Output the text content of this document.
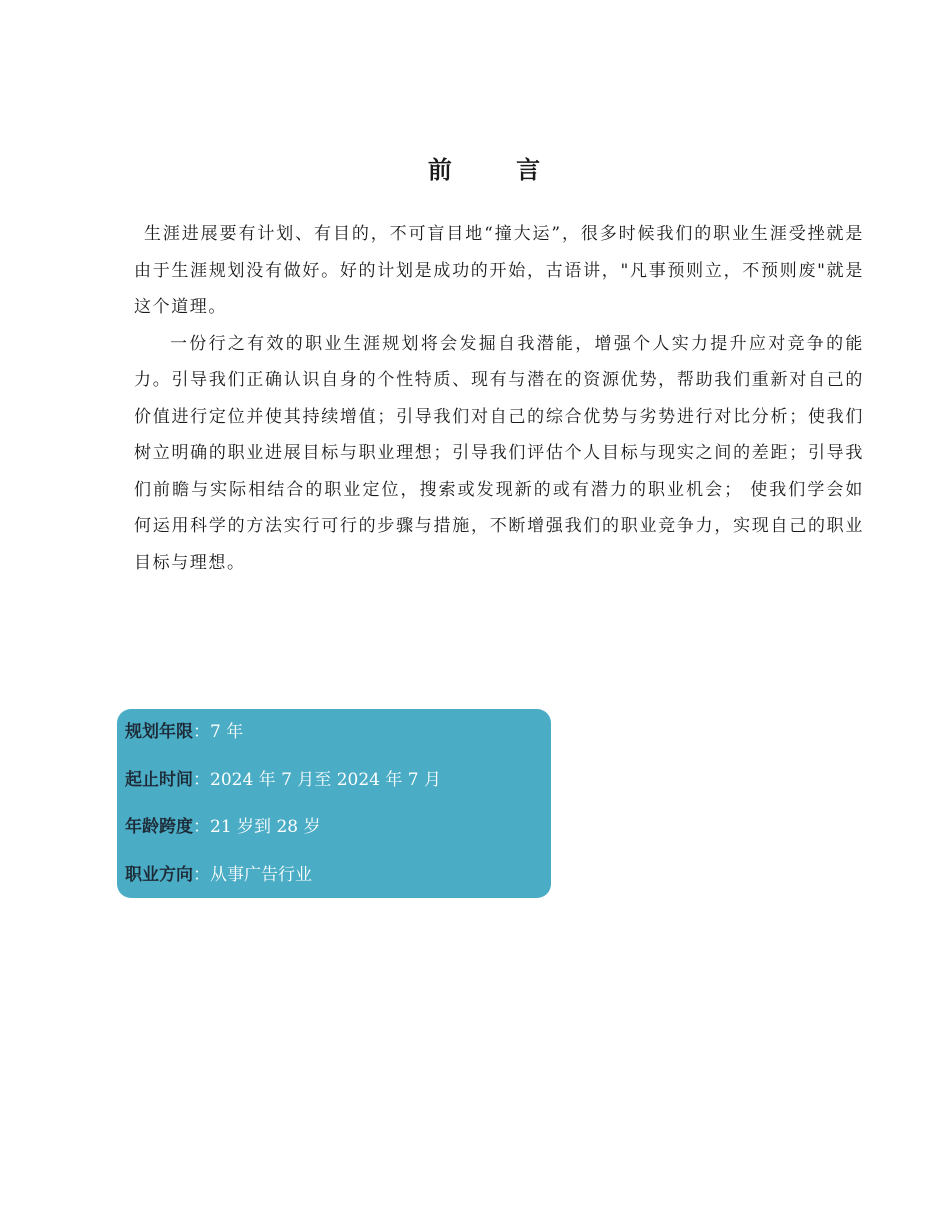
前 言

生涯进展要有计划、有目的，不可盲目地“撞大运”，很多时候我们的职业生涯受挫就是由于生涯规划没有做好。好的计划是成功的开始，古语讲，"凡事预则立，不预则废"就是这个道理。

一份行之有效的职业生涯规划将会发掘自我潜能，增强个人实力提升应对竞争的能力。引导我们正确认识自身的个性特质、现有与潜在的资源优势，帮助我们重新对自己的价值进行定位并使其持续增值；引导我们对自己的综合优势与劣势进行对比分析；使我们树立明确的职业进展目标与职业理想；引导我们评估个人目标与现实之间的差距；引导我们前瞻与实际相结合的职业定位，搜索或发现新的或有潜力的职业机会； 使我们学会如何运用科学的方法实行可行的步骤与措施，不断增强我们的职业竞争力，实现自己的职业目标与理想。

规划年限：7 年
起止时间：2024 年 7 月至 2024 年 7 月
年龄跨度：21 岁到 28 岁
职业方向：从事广告行业
